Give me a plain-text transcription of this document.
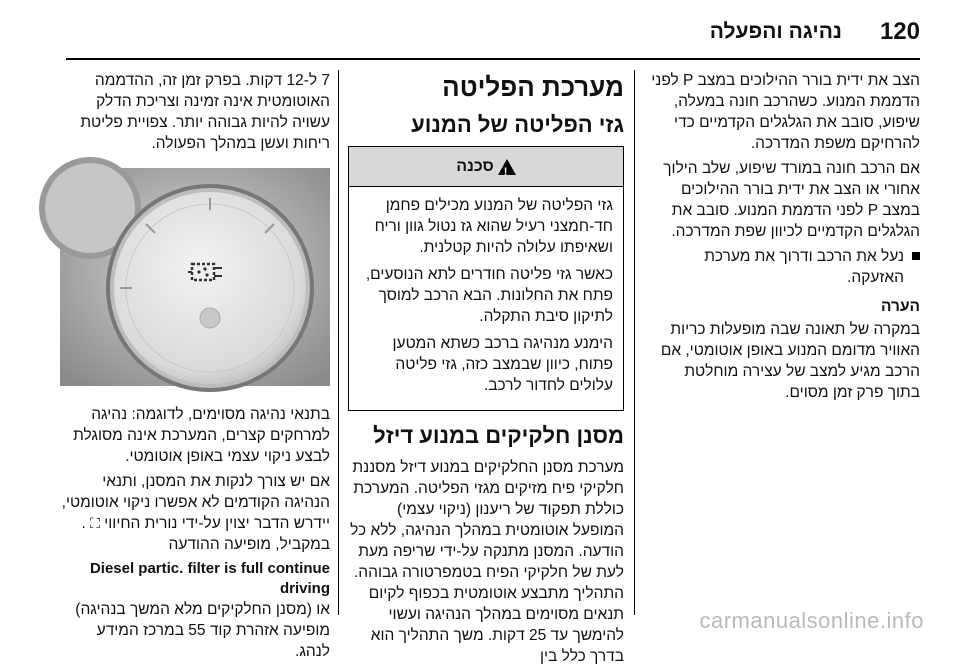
120
נהיגה והפעלה

הצב את ידית בורר ההילוכים במצב P לפני הדממת המנוע. כשהרכב חונה במעלה, שיפוע, סובב את הגלגלים הקדמיים כדי להרחיקם משפת המדרכה.

אם הרכב חונה במורד שיפוע, שלב הילוך אחורי או הצב את ידית בורר ההילוכים במצב P לפני הדממת המנוע. סובב את הגלגלים הקדמיים לכיוון שפת המדרכה.

נעל את הרכב ודרוך את מערכת האזעקה.
הערה

במקרה של תאונה שבה מופעלות כריות האוויר מדומם המנוע באופן אוטומטי, אם הרכב מגיע למצב של עצירה מוחלטת בתוך פרק זמן מסוים.

מערכת הפליטה
גזי הפליטה של המנוע
!
סכנה

גזי הפליטה של המנוע מכילים פחמן חד-חמצני רעיל שהוא גז נטול גוון וריח ושאיפתו עלולה להיות קטלנית.

כאשר גזי פליטה חודרים לתא הנוסעים, פתח את החלונות. הבא הרכב למוסך לתיקון סיבת התקלה.

הימנע מנהיגה ברכב כשתא המטען פתוח, כיוון שבמצב כזה, גזי פליטה עלולים לחדור לרכב.

מסנן חלקיקים במנוע דיזל

מערכת מסנן החלקיקים במנוע דיזל מסננת חלקיקי פיח מזיקים מגזי הפליטה. המערכת כוללת תפקוד של ריענון (ניקוי עצמי) המופעל אוטומטית במהלך הנהיגה, ללא כל הודעה. המסנן מתנקה על-ידי שריפה מעת לעת של חלקיקי הפיח בטמפרטורה גבוהה. התהליך מתבצע אוטומטית בכפוף לקיום תנאים מסוימים במהלך הנהיגה ועשוי להימשך עד 25 דקות. משך התהליך הוא בדרך כלל בין

7 ל-12 דקות. בפרק זמן זה, ההדממה האוטומטית אינה זמינה וצריכת הדלק עשויה להיות גבוהה יותר. צפויית פליטת ריחות ועשן במהלך הפעולה.

בתנאי נהיגה מסוימים, לדוגמה: נהיגה למרחקים קצרים, המערכת אינה מסוגלת לבצע ניקוי עצמי באופן אוטומטי.

אם יש צורך לנקות את המסנן, ותנאי הנהיגה הקודמים לא אפשרו ניקוי אוטומטי, יידרש הדבר יצוין על-ידי נורית החיווי ⛶ . במקביל, מופיעה ההודעה

Diesel partic. filter is full continue driving

או (מסנן החלקיקים מלא המשך בנהיגה) מופיעה אזהרת קוד 55 במרכז המידע לנהג.

carmanualsonline.info
